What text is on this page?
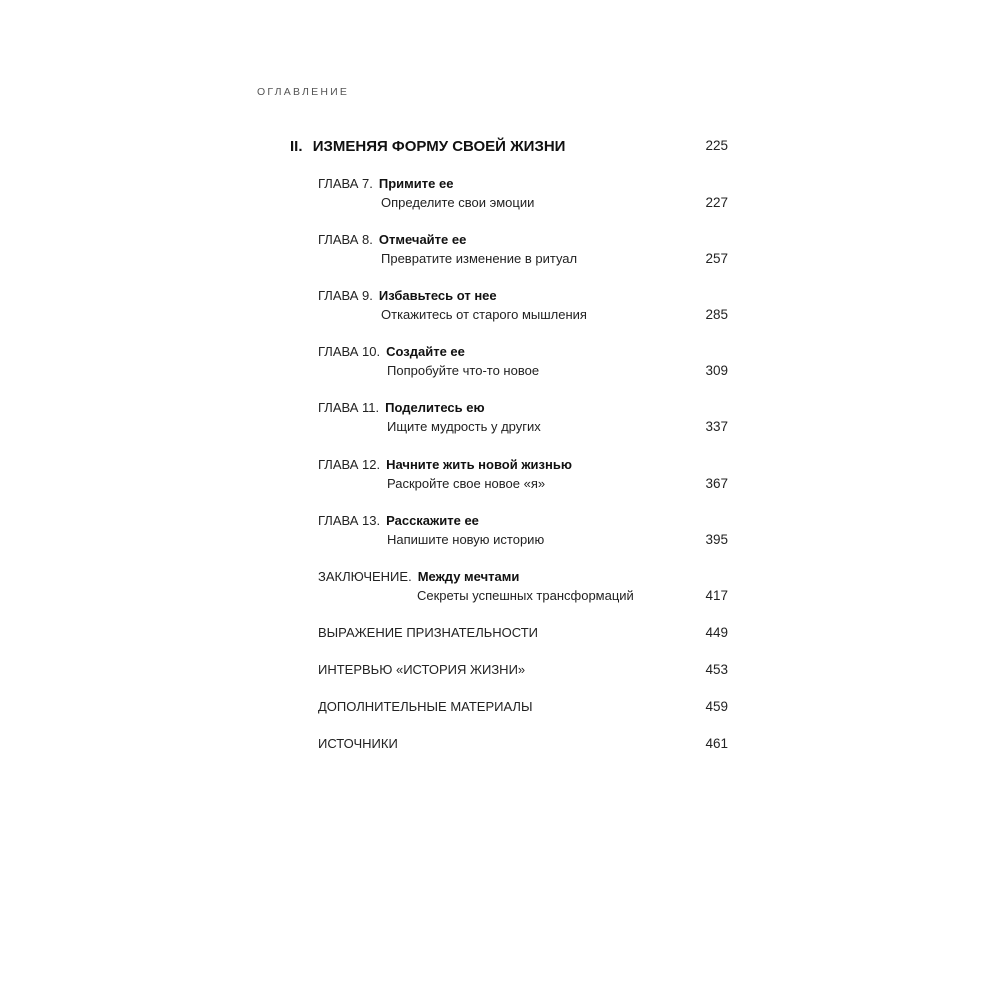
ОГЛАВЛЕНИЕ
II. ИЗМЕНЯЯ ФОРМУ СВОЕЙ ЖИЗНИ	225
ГЛАВА 7. Примите ее
Определите свои эмоции	227
ГЛАВА 8. Отмечайте ее
Превратите изменение в ритуал	257
ГЛАВА 9. Избавьтесь от нее
Откажитесь от старого мышления	285
ГЛАВА 10. Создайте ее
Попробуйте что-то новое	309
ГЛАВА 11. Поделитесь ею
Ищите мудрость у других	337
ГЛАВА 12. Начните жить новой жизнью
Раскройте свое новое «я»	367
ГЛАВА 13. Расскажите ее
Напишите новую историю	395
ЗАКЛЮЧЕНИЕ. Между мечтами
Секреты успешных трансформаций	417
ВЫРАЖЕНИЕ ПРИЗНАТЕЛЬНОСТИ	449
ИНТЕРВЬЮ «ИСТОРИЯ ЖИЗНИ»	453
ДОПОЛНИТЕЛЬНЫЕ МАТЕРИАЛЫ	459
ИСТОЧНИКИ	461
